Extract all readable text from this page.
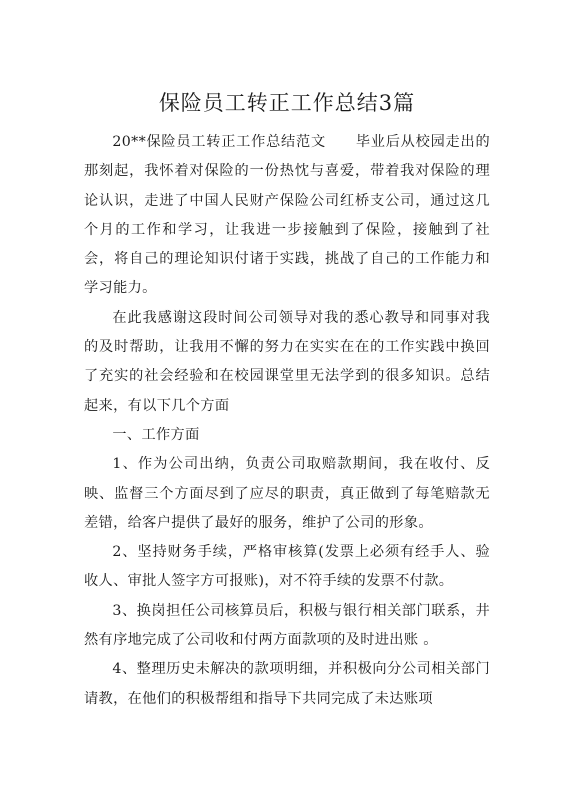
保险员工转正工作总结3篇

20**保险员工转正工作总结范文　　毕业后从校园走出的那刻起，我怀着对保险的一份热忱与喜爱，带着我对保险的理论认识，走进了中国人民财产保险公司红桥支公司，通过这几个月的工作和学习，让我进一步接触到了保险，接触到了社会，将自己的理论知识付诸于实践，挑战了自己的工作能力和学习能力。

在此我感谢这段时间公司领导对我的悉心教导和同事对我的及时帮助，让我用不懈的努力在实实在在的工作实践中换回了充实的社会经验和在校园课堂里无法学到的很多知识。总结起来，有以下几个方面

一、工作方面

1、作为公司出纳，负责公司取赔款期间，我在收付、反映、监督三个方面尽到了应尽的职责，真正做到了每笔赔款无差错，给客户提供了最好的服务，维护了公司的形象。

2、坚持财务手续，严格审核算(发票上必须有经手人、验收人、审批人签字方可报账)，对不符手续的发票不付款。

3、换岗担任公司核算员后，积极与银行相关部门联系，井然有序地完成了公司收和付两方面款项的及时进出账 。

4、整理历史未解决的款项明细，并积极向分公司相关部门请教，在他们的积极帮组和指导下共同完成了未达账项
